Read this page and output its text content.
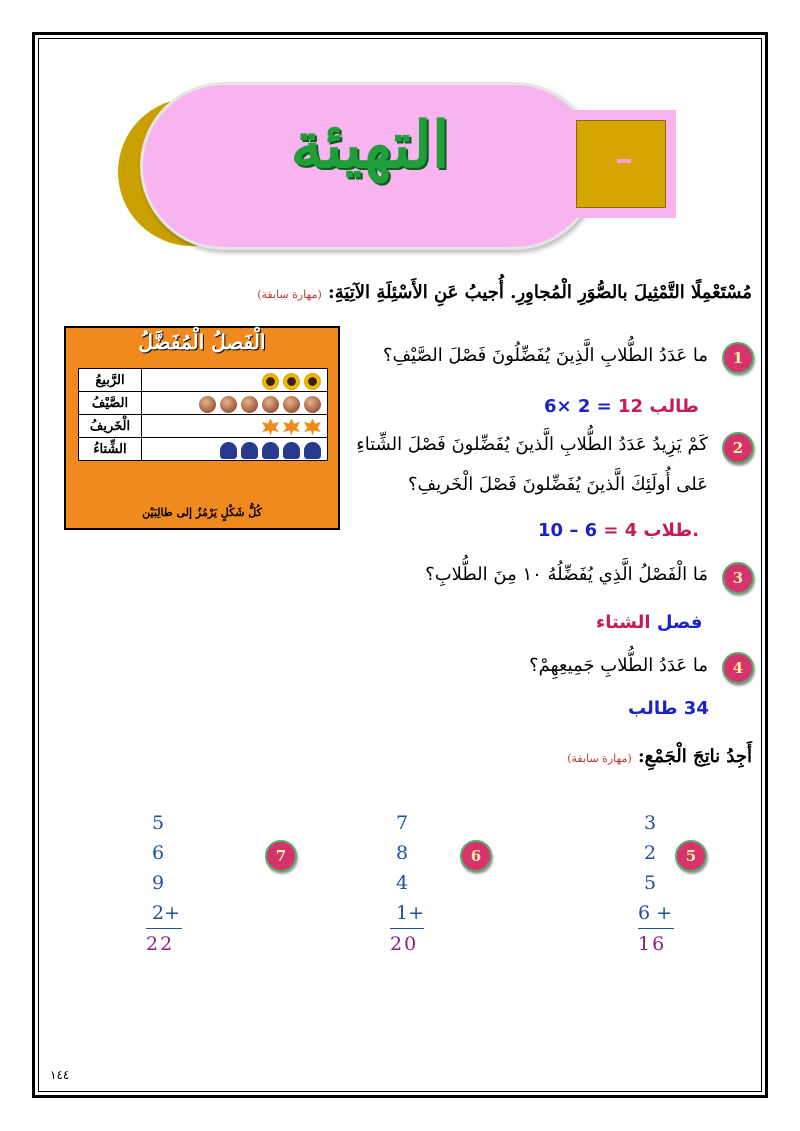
التهيئة
مُسْتَعْمِلًا التَّمْثِيلَ بالصُّوَرِ الْمُجاوِرِ. أُجيبُ عَنِ الأَسْئِلَةِ الآتِيَةِ: (مهارة سابقة)
الْفَصلُ الْمُفَضَّلُ
الرَّبيعُ	
الصَّيْفُ	
الْخَريفُ	
الشِّتاءُ	
كُلُّ شَكْلٍ يَرْمُزُ إلى طالِبَيْن
1
ما عَدَدُ الطُّلابِ الَّذِينَ يُفَضِّلُونَ فَصْلَ الصَّيْفِ؟
6× 2 = 12 طالب
2
كَمْ يَزِيدُ عَدَدُ الطُّلابِ الَّذينَ يُفَضِّلونَ فَصْلَ الشِّتاءِ
عَلى أُولَئِكَ الَّذينَ يُفَضِّلونَ فَصْلَ الْخَريفِ؟
10 – 6 = 4 طلاب.
3
مَا الْفَصْلُ الَّذِي يُفَضِّلُهُ ١٠ مِنَ الطُّلابِ؟
فصل الشتاء
4
ما عَدَدُ الطُّلابِ جَمِيعِهِمْ؟
34 طالب
أَجِدُ ناتِجَ الْجَمْعِ: (مهارة سابقة)
5
3
2
5
6 +
16
6
7
8
4
1+
20
7
5
6
9
2+
22
١٤٤
